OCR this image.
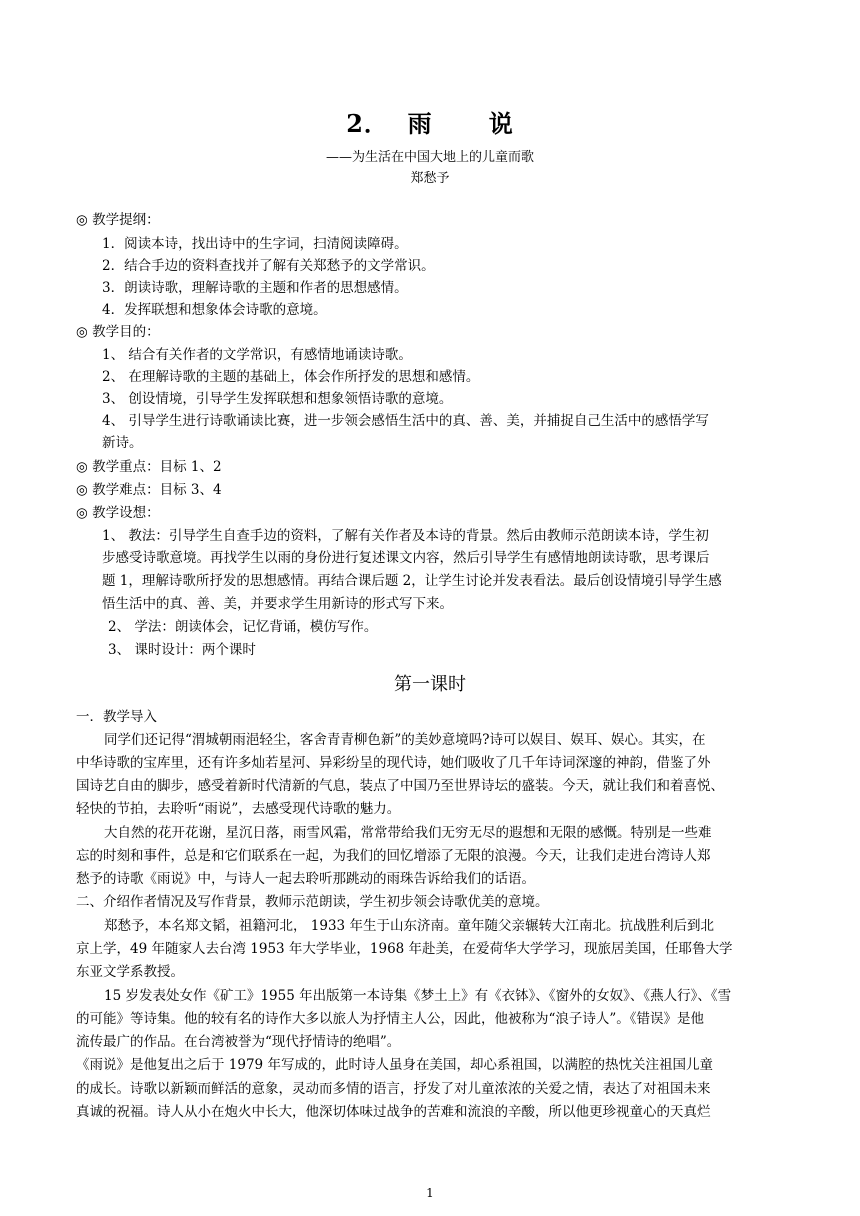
2．  雨      说
——为生活在中国大地上的儿童而歌
郑愁予
◎ 教学提纲：
1．阅读本诗，找出诗中的生字词，扫清阅读障碍。
2．结合手边的资料查找并了解有关郑愁予的文学常识。
3．朗读诗歌，理解诗歌的主题和作者的思想感情。
4．发挥联想和想象体会诗歌的意境。
◎ 教学目的：
1、 结合有关作者的文学常识，有感情地诵读诗歌。
2、 在理解诗歌的主题的基础上，体会作所抒发的思想和感情。
3、 创设情境，引导学生发挥联想和想象领悟诗歌的意境。
4、 引导学生进行诗歌诵读比赛，进一步领会感悟生活中的真、善、美，并捕捉自己生活中的感悟学写
新诗。
◎ 教学重点：目标 1、2
◎ 教学难点：目标 3、4
◎ 教学设想：
1、 教法：引导学生自查手边的资料，了解有关作者及本诗的背景。然后由教师示范朗读本诗，学生初
步感受诗歌意境。再找学生以雨的身份进行复述课文内容，然后引导学生有感情地朗读诗歌，思考课后
题 1，理解诗歌所抒发的思想感情。再结合课后题 2，让学生讨论并发表看法。最后创设情境引导学生感
悟生活中的真、善、美，并要求学生用新诗的形式写下来。
2、 学法：朗读体会，记忆背诵，模仿写作。
3、 课时设计：两个课时
第一课时
一．教学导入
同学们还记得“渭城朝雨浥轻尘，客舍青青柳色新”的美妙意境吗?诗可以娱目、娱耳、娱心。其实，在
中华诗歌的宝库里，还有许多灿若星河、异彩纷呈的现代诗，她们吸收了几千年诗词深邃的神韵，借鉴了外
国诗艺自由的脚步，感受着新时代清新的气息，装点了中国乃至世界诗坛的盛装。今天，就让我们和着喜悦、
轻快的节拍，去聆听“雨说”，去感受现代诗歌的魅力。
大自然的花开花谢，星沉日落，雨雪风霜，常常带给我们无穷无尽的遐想和无限的感慨。特别是一些难
忘的时刻和事件，总是和它们联系在一起，为我们的回忆增添了无限的浪漫。今天，让我们走进台湾诗人郑
愁予的诗歌《雨说》中，与诗人一起去聆听那跳动的雨珠告诉给我们的话语。
二、介绍作者情况及写作背景，教师示范朗读，学生初步领会诗歌优美的意境。
郑愁予，本名郑文韬，祖籍河北， 1933 年生于山东济南。童年随父亲辗转大江南北。抗战胜利后到北
京上学，49 年随家人去台湾 1953 年大学毕业，1968 年赴美，在爱荷华大学学习，现旅居美国，任耶鲁大学
东亚文学系教授。
15 岁发表处女作《矿工》1955 年出版第一本诗集《梦土上》有《衣钵》、《窗外的女奴》、《燕人行》、《雪
的可能》等诗集。他的较有名的诗作大多以旅人为抒情主人公，因此，他被称为“浪子诗人”。《错误》是他
流传最广的作品。在台湾被誉为“现代抒情诗的绝唱”。
《雨说》是他复出之后于 1979 年写成的，此时诗人虽身在美国，却心系祖国，以满腔的热忱关注祖国儿童
的成长。诗歌以新颖而鲜活的意象，灵动而多情的语言，抒发了对儿童浓浓的关爱之情，表达了对祖国未来
真诚的祝福。诗人从小在炮火中长大，他深切体味过战争的苦难和流浪的辛酸，所以他更珍视童心的天真烂
1
